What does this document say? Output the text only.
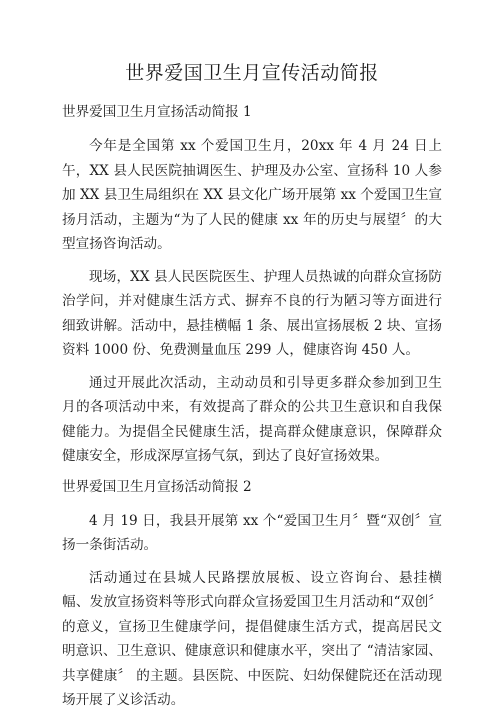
世界爱国卫生月宣传活动简报

世界爱国卫生月宣扬活动简报 1

今年是全国第 xx 个爱国卫生月，20xx 年 4 月 24 日上午，XX 县人民医院抽调医生、护理及办公室、宣扬科 10 人参加 XX 县卫生局组织在 XX 县文化广场开展第 xx 个爱国卫生宣扬月活动，主题为“为了人民的健康 xx 年的历史与展望〞的大型宣扬咨询活动。

现场，XX 县人民医院医生、护理人员热诚的向群众宣扬防治学问，并对健康生活方式、摒弃不良的行为陋习等方面进行细致讲解。活动中，悬挂横幅 1 条、展出宣扬展板 2 块、宣扬资料 1000 份、免费测量血压 299 人，健康咨询 450 人。

通过开展此次活动，主动动员和引导更多群众参加到卫生月的各项活动中来，有效提高了群众的公共卫生意识和自我保健能力。为提倡全民健康生活，提高群众健康意识，保障群众健康安全，形成深厚宣扬气氛，到达了良好宣扬效果。

世界爱国卫生月宣扬活动简报 2

4 月 19 日，我县开展第 xx 个“爱国卫生月〞暨“双创〞宣扬一条街活动。

活动通过在县城人民路摆放展板、设立咨询台、悬挂横幅、发放宣扬资料等形式向群众宣扬爱国卫生月活动和“双创〞的意义，宣扬卫生健康学问，提倡健康生活方式，提高居民文明意识、卫生意识、健康意识和健康水平，突出了 “清洁家园、共享健康〞 的主题。县医院、中医院、妇幼保健院还在活动现场开展了义诊活动。
